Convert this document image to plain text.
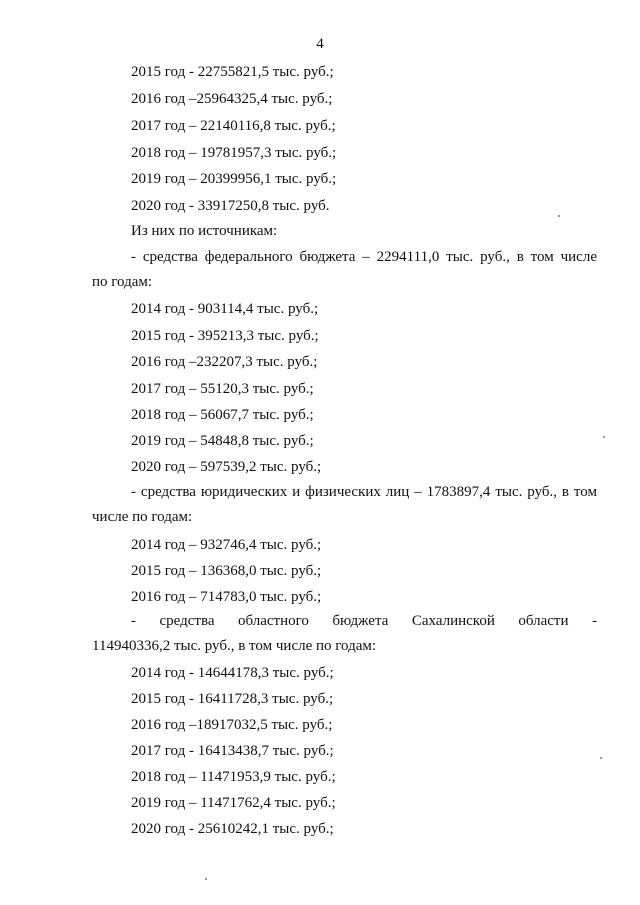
4
2015 год - 22755821,5 тыс. руб.;
2016 год –25964325,4 тыс. руб.;
2017 год – 22140116,8 тыс. руб.;
2018 год – 19781957,3 тыс. руб.;
2019 год – 20399956,1 тыс. руб.;
2020 год - 33917250,8 тыс. руб.
Из них по источникам:
- средства федерального бюджета – 2294111,0 тыс. руб., в том числе
по годам:
2014 год - 903114,4 тыс. руб.;
2015 год - 395213,3 тыс. руб.;
2016 год –232207,3 тыс. руб.;
2017 год – 55120,3 тыс. руб.;
2018 год – 56067,7 тыс. руб.;
2019 год – 54848,8 тыс. руб.;
2020 год – 597539,2 тыс. руб.;
- средства юридических и физических лиц – 1783897,4 тыс. руб., в том
числе по годам:
2014 год – 932746,4 тыс. руб.;
2015 год – 136368,0 тыс. руб.;
2016 год – 714783,0 тыс. руб.;
- средства областного бюджета Сахалинской области -
114940336,2 тыс. руб., в том числе по годам:
2014 год - 14644178,3 тыс. руб.;
2015 год - 16411728,3 тыс. руб.;
2016 год –18917032,5 тыс. руб.;
2017 год - 16413438,7 тыс. руб.;
2018 год – 11471953,9 тыс. руб.;
2019 год – 11471762,4 тыс. руб.;
2020 год - 25610242,1 тыс. руб.;
